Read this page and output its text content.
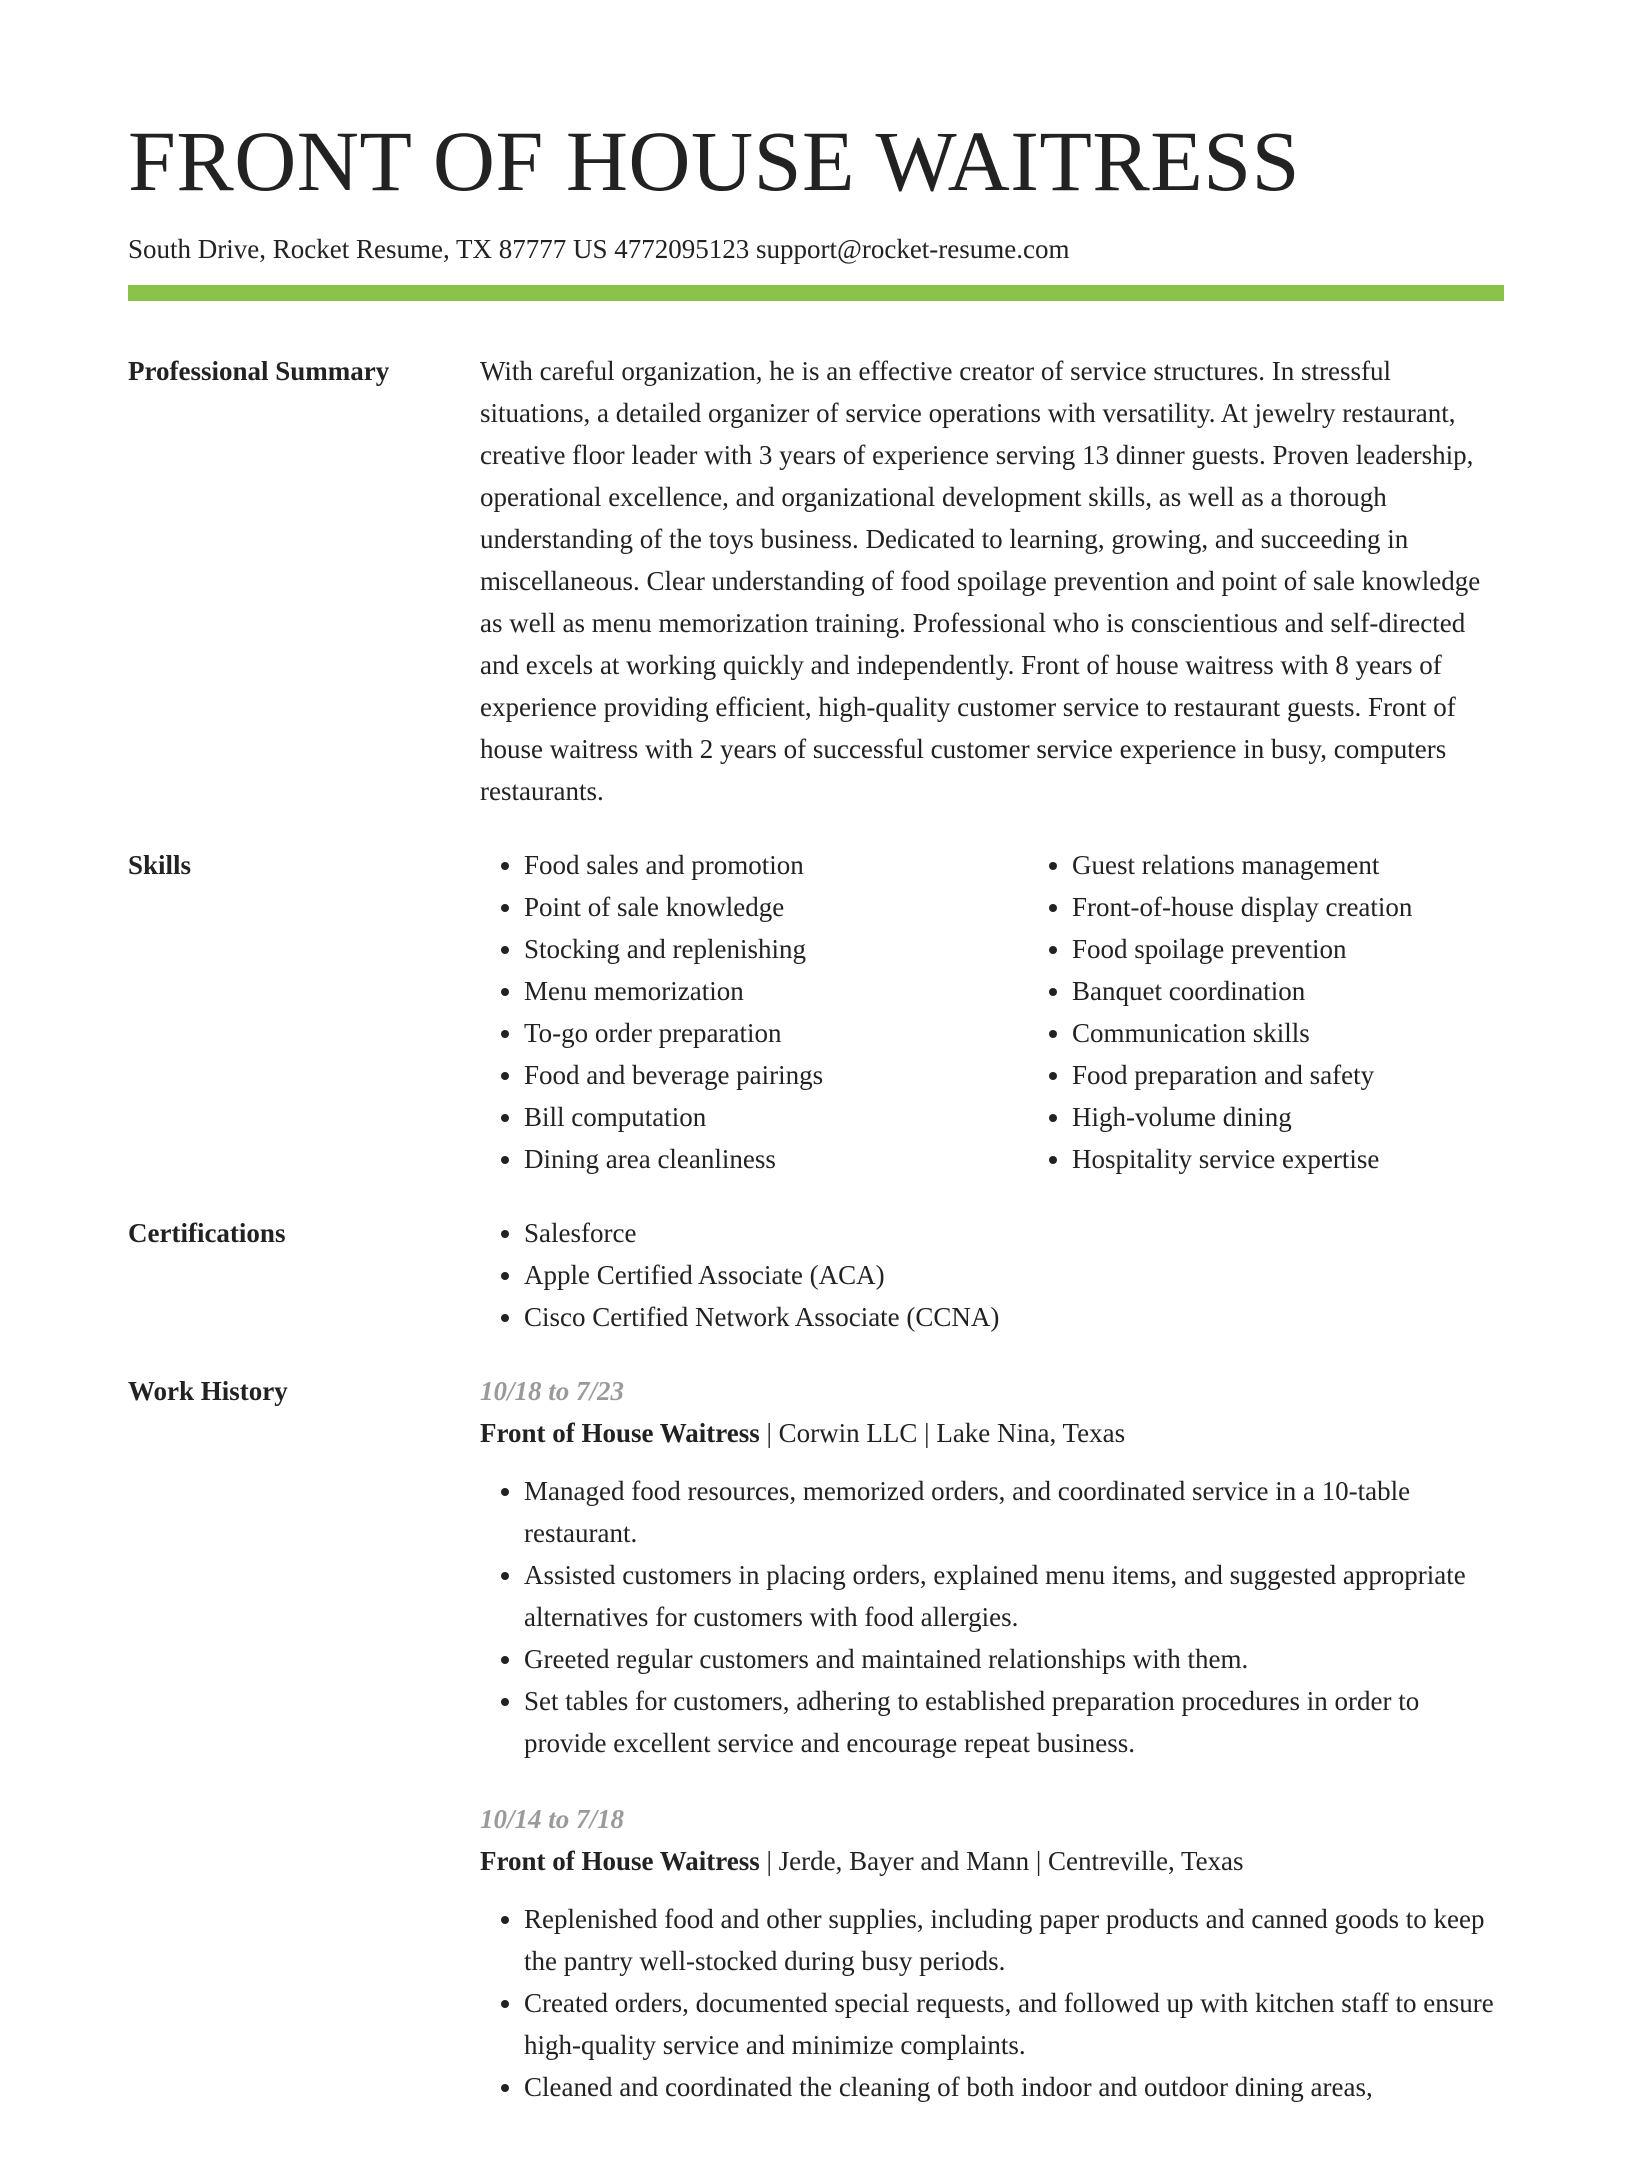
FRONT OF HOUSE WAITRESS
South Drive, Rocket Resume, TX 87777 US 4772095123 support@rocket-resume.com
Professional Summary	With careful organization, he is an effective creator of service structures. In stressful situations, a detailed organizer of service operations with versatility. At jewelry restaurant, creative floor leader with 3 years of experience serving 13 dinner guests. Proven leadership, operational excellence, and organizational development skills, as well as a thorough understanding of the toys business. Dedicated to learning, growing, and succeeding in miscellaneous. Clear understanding of food spoilage prevention and point of sale knowledge as well as menu memorization training. Professional who is conscientious and self-directed and excels at working quickly and independently. Front of house waitress with 8 years of experience providing efficient, high-quality customer service to restaurant guests. Front of house waitress with 2 years of successful customer service experience in busy, computers restaurants.

Skills	• Food sales and promotion
• Point of sale knowledge
• Stocking and replenishing
• Menu memorization
• To-go order preparation
• Food and beverage pairings
• Bill computation
• Dining area cleanliness
• Guest relations management
• Front-of-house display creation
• Food spoilage prevention
• Banquet coordination
• Communication skills
• Food preparation and safety
• High-volume dining
• Hospitality service expertise
Certifications	• Salesforce
• Apple Certified Associate (ACA)
• Cisco Certified Network Associate (CCNA)
Work History	10/18 to 7/23
Front of House Waitress | Corwin LLC | Lake Nina, Texas
• Managed food resources, memorized orders, and coordinated service in a 10-table restaurant.
• Assisted customers in placing orders, explained menu items, and suggested appropriate alternatives for customers with food allergies.
• Greeted regular customers and maintained relationships with them.
• Set tables for customers, adhering to established preparation procedures in order to provide excellent service and encourage repeat business.
10/14 to 7/18
Front of House Waitress | Jerde, Bayer and Mann | Centreville, Texas
• Replenished food and other supplies, including paper products and canned goods to keep the pantry well-stocked during busy periods.
• Created orders, documented special requests, and followed up with kitchen staff to ensure high-quality service and minimize complaints.
• Cleaned and coordinated the cleaning of both indoor and outdoor dining areas,
